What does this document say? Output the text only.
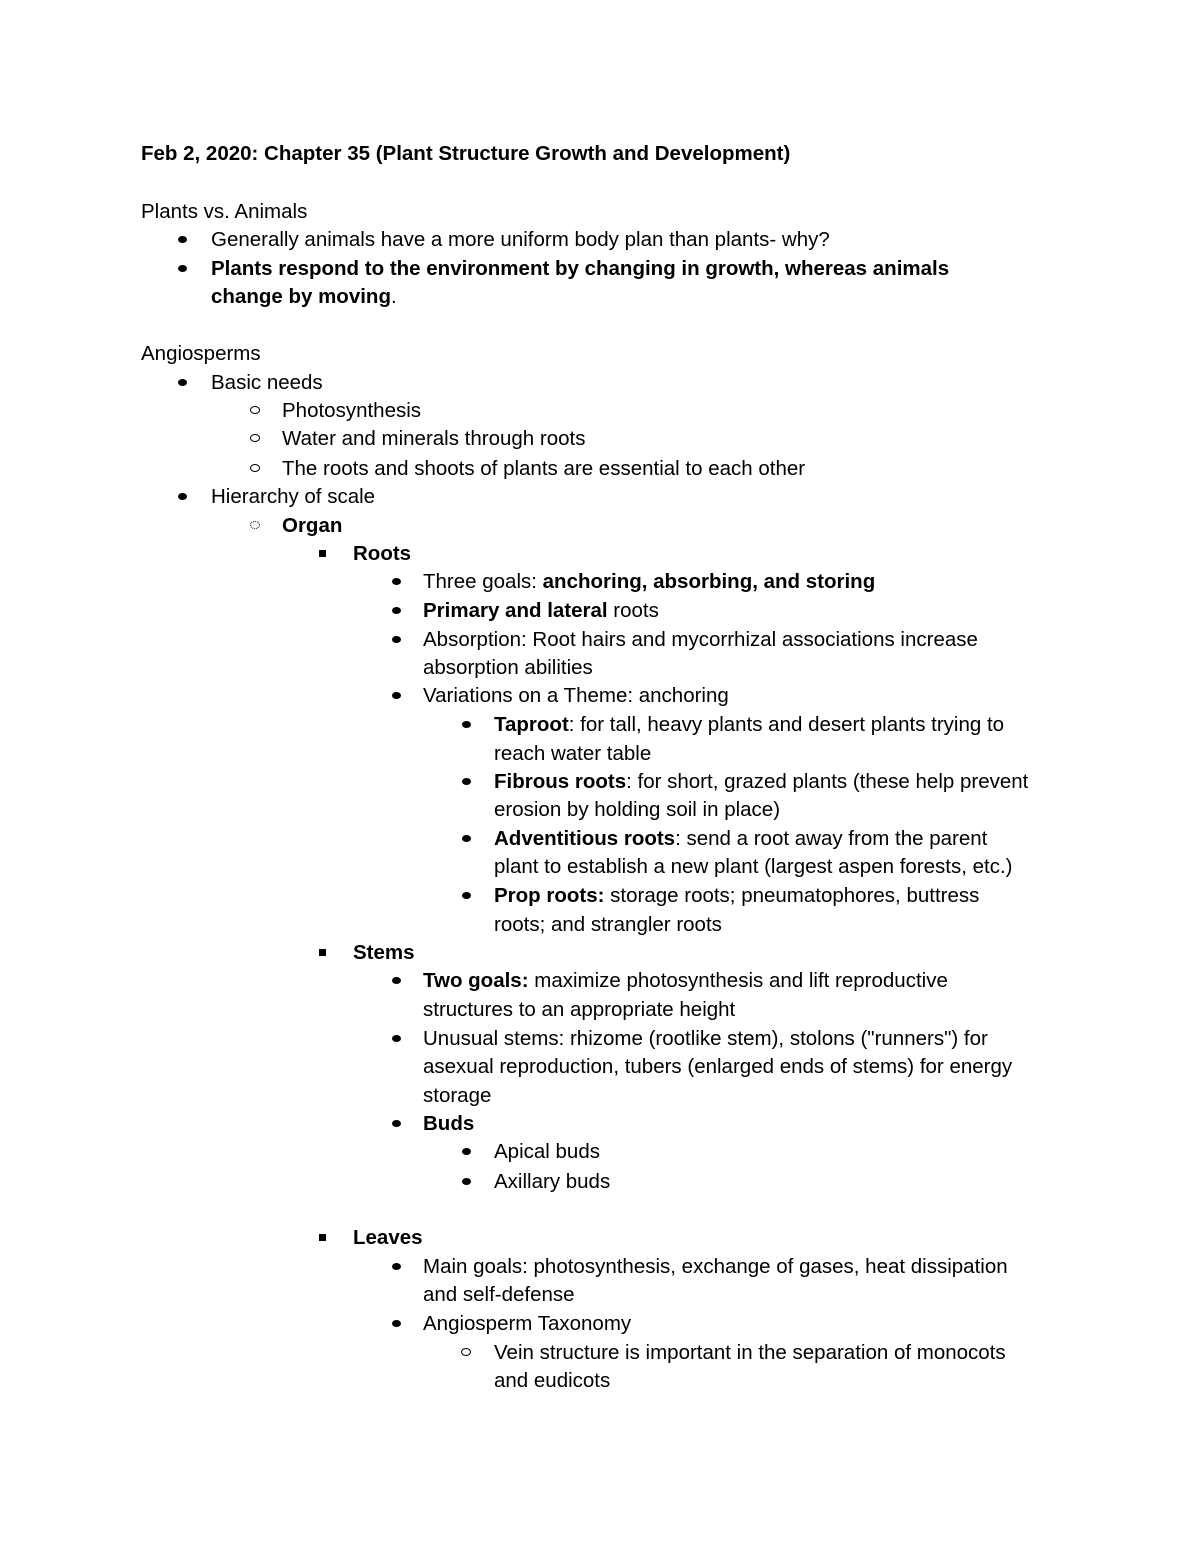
Feb 2, 2020: Chapter 35 (Plant Structure Growth and Development)
Plants vs. Animals
Generally animals have a more uniform body plan than plants- why?
Plants respond to the environment by changing in growth, whereas animals
change by moving.
Angiosperms
Basic needs
Photosynthesis
Water and minerals through roots
The roots and shoots of plants are essential to each other
Hierarchy of scale
Organ
Roots
Three goals: anchoring, absorbing, and storing
Primary and lateral roots
Absorption: Root hairs and mycorrhizal associations increase
absorption abilities
Variations on a Theme: anchoring
Taproot: for tall, heavy plants and desert plants trying to
reach water table
Fibrous roots: for short, grazed plants (these help prevent
erosion by holding soil in place)
Adventitious roots: send a root away from the parent
plant to establish a new plant (largest aspen forests, etc.)
Prop roots: storage roots; pneumatophores, buttress
roots; and strangler roots
Stems
Two goals: maximize photosynthesis and lift reproductive
structures to an appropriate height
Unusual stems: rhizome (rootlike stem), stolons ("runners") for
asexual reproduction, tubers (enlarged ends of stems) for energy
storage
Buds
Apical buds
Axillary buds
Leaves
Main goals: photosynthesis, exchange of gases, heat dissipation
and self-defense
Angiosperm Taxonomy
Vein structure is important in the separation of monocots
and eudicots
